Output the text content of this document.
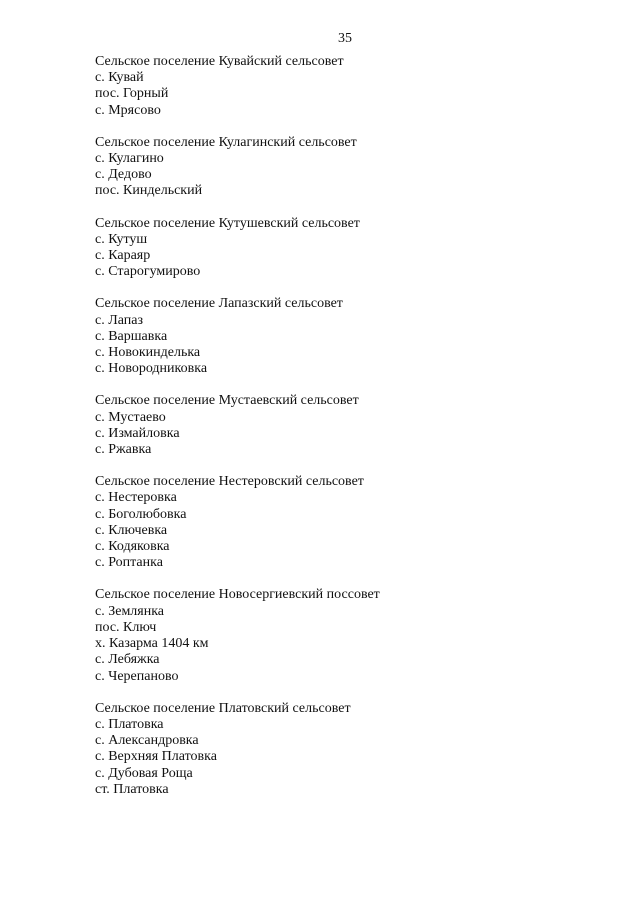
35

Сельское поселение Кувайский сельсовет

с. Кувай

пос. Горный

с. Мрясово

Сельское поселение Кулагинский сельсовет

с. Кулагино

с. Дедово

пос. Киндельский

Сельское поселение Кутушевский сельсовет

с. Кутуш

с. Караяр

с. Старогумирово

Сельское поселение Лапазский сельсовет

с. Лапаз

с. Варшавка

с. Новокинделька

с. Новородниковка

Сельское поселение Мустаевский сельсовет

с. Мустаево

с. Измайловка

с. Ржавка

Сельское поселение Нестеровский сельсовет

с. Нестеровка

с. Боголюбовка

с. Ключевка

с. Кодяковка

с. Роптанка

Сельское поселение Новосергиевский поссовет

с. Землянка

пос. Ключ

х. Казарма 1404 км

с. Лебяжка

с. Черепаново

Сельское поселение Платовский сельсовет

с. Платовка

с. Александровка

с. Верхняя Платовка

с. Дубовая Роща

ст. Платовка
